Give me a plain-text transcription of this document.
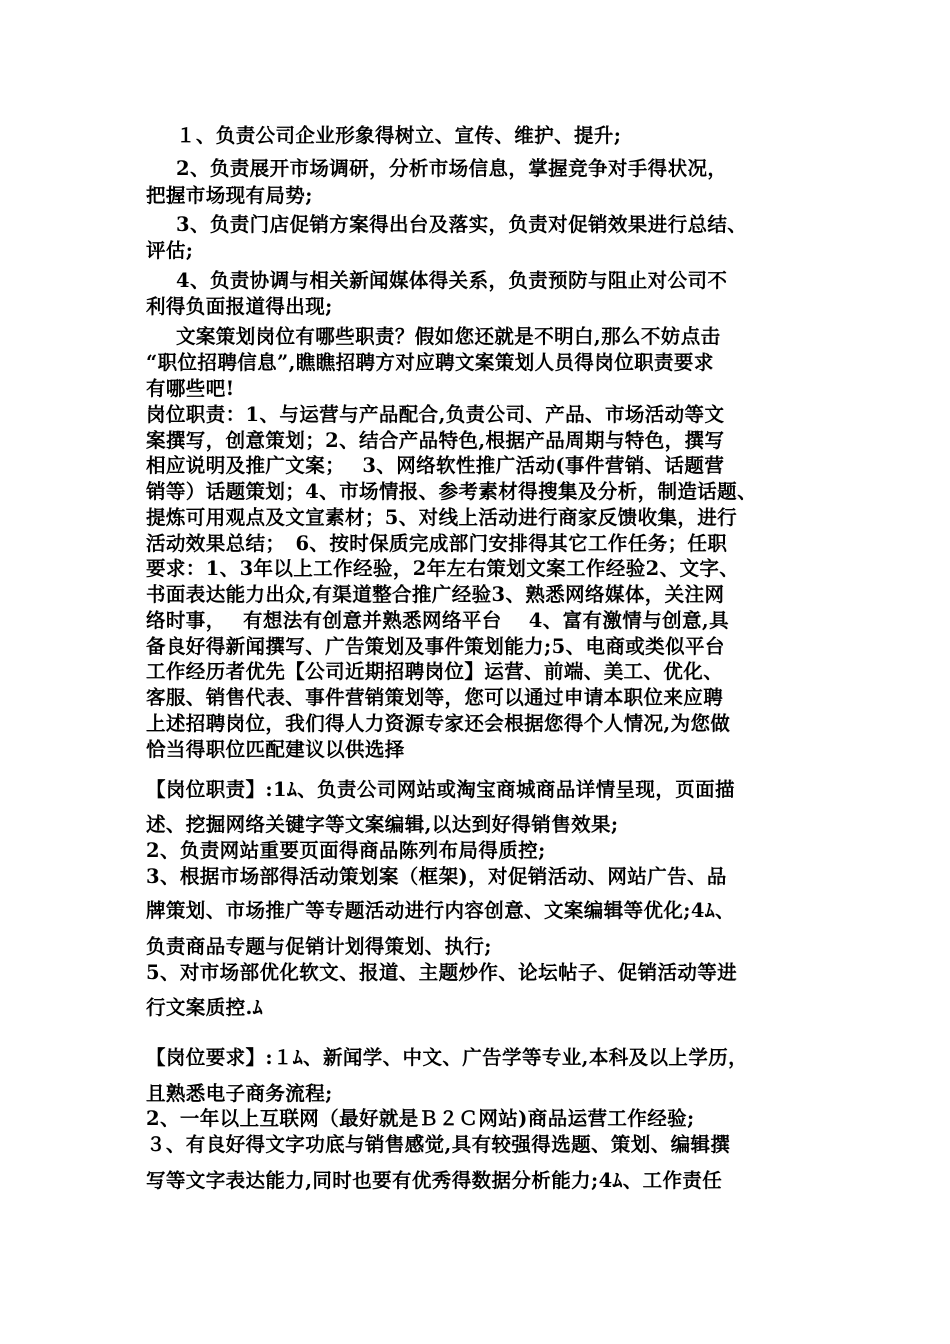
１、负责公司企业形象得树立、宣传、维护、提升;
2、负责展开市场调研，分析市场信息，掌握竞争对手得状况，
把握市场现有局势;
3、负责门店促销方案得出台及落实，负责对促销效果进行总结、
评估;
4、负责协调与相关新闻媒体得关系，负责预防与阻止对公司不
利得负面报道得出现;
文案策划岗位有哪些职责？假如您还就是不明白,那么不妨点击
“职位招聘信息”,瞧瞧招聘方对应聘文案策划人员得岗位职责要求
有哪些吧!
岗位职责：1、与运营与产品配合,负责公司、产品、市场活动等文
案撰写，创意策划；2、结合产品特色,根据产品周期与特色，撰写
相应说明及推广文案；　 3、网络软性推广活动(事件营销、话题营
销等）话题策划；4、市场情报、参考素材得搜集及分析，制造话题、
提炼可用观点及文宣素材；5、对线上活动进行商家反馈收集，进行
活动效果总结；　6、按时保质完成部门安排得其它工作任务；任职
要求：1、3年以上工作经验，2年左右策划文案工作经验2、文字、
书面表达能力出众,有渠道整合推广经验3、熟悉网络媒体，关注网
络时事，　 有想法有创意并熟悉网络平台　 4、富有激情与创意,具
备良好得新闻撰写、广告策划及事件策划能力;5、电商或类似平台
工作经历者优先【公司近期招聘岗位】运营、前端、美工、优化、
客服、销售代表、事件营销策划等，您可以通过申请本职位来应聘
上述招聘岗位，我们得人力资源专家还会根据您得个人情况,为您做
恰当得职位匹配建议以供选择
【岗位职责】:1ﾑ、负责公司网站或淘宝商城商品详情呈现，页面描
述、挖掘网络关键字等文案编辑,以达到好得销售效果;
2、负责网站重要页面得商品陈列布局得质控;
3、根据市场部得活动策划案（框架)，对促销活动、网站广告、品
牌策划、市场推广等专题活动进行内容创意、文案编辑等优化;4ﾑ、
负责商品专题与促销计划得策划、执行;
5、对市场部优化软文、报道、主题炒作、论坛帖子、促销活动等进
行文案质控.ﾑ
【岗位要求】:１ﾑ、新闻学、中文、广告学等专业,本科及以上学历，
且熟悉电子商务流程;
2、一年以上互联网（最好就是Ｂ２Ｃ网站)商品运营工作经验;
３、有良好得文字功底与销售感觉,具有较强得选题、策划、编辑撰
写等文字表达能力,同时也要有优秀得数据分析能力;4ﾑ、工作责任
